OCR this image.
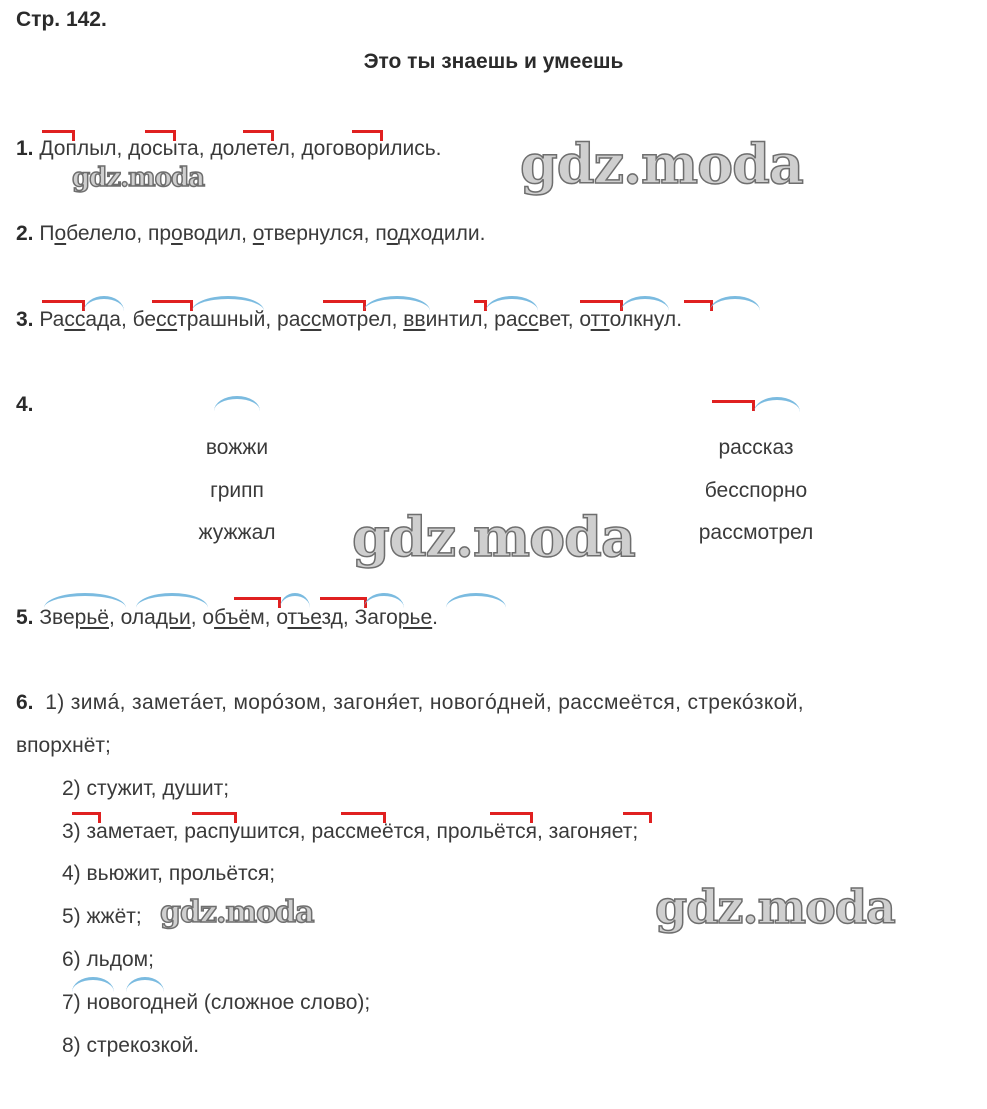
Стр. 142.
Это ты знаешь и умеешь
1. Доплыл, досыта, долетел, договорились.
2. Побелело, проводил, отвернулся, подходили.
3. Рассада, бесстрашный, рассмотрел, ввинтил, рассвет, оттолкнул.
4.
вожжи
грипп
жужжал
рассказ
бесспорно
рассмотрел
5. Зверьё, оладьи, объём, отъезд, Загорье.
6. 1) зимá, заметáет, морóзом, загоня́ет, новогóдней, рассмеётся, стрекóзкой,
впорхнёт;
2) стужит, душит;
3) заметает, распушится, рассмеётся, прольётся, загоняет;
4) вьюжит, прольётся;
5) жжёт;
6) льдом;
7) новогодней (сложное слово);
8) стрекозкой.
gdz.moda	gdz.moda
gdz.moda
gdz.moda	gdz.moda
